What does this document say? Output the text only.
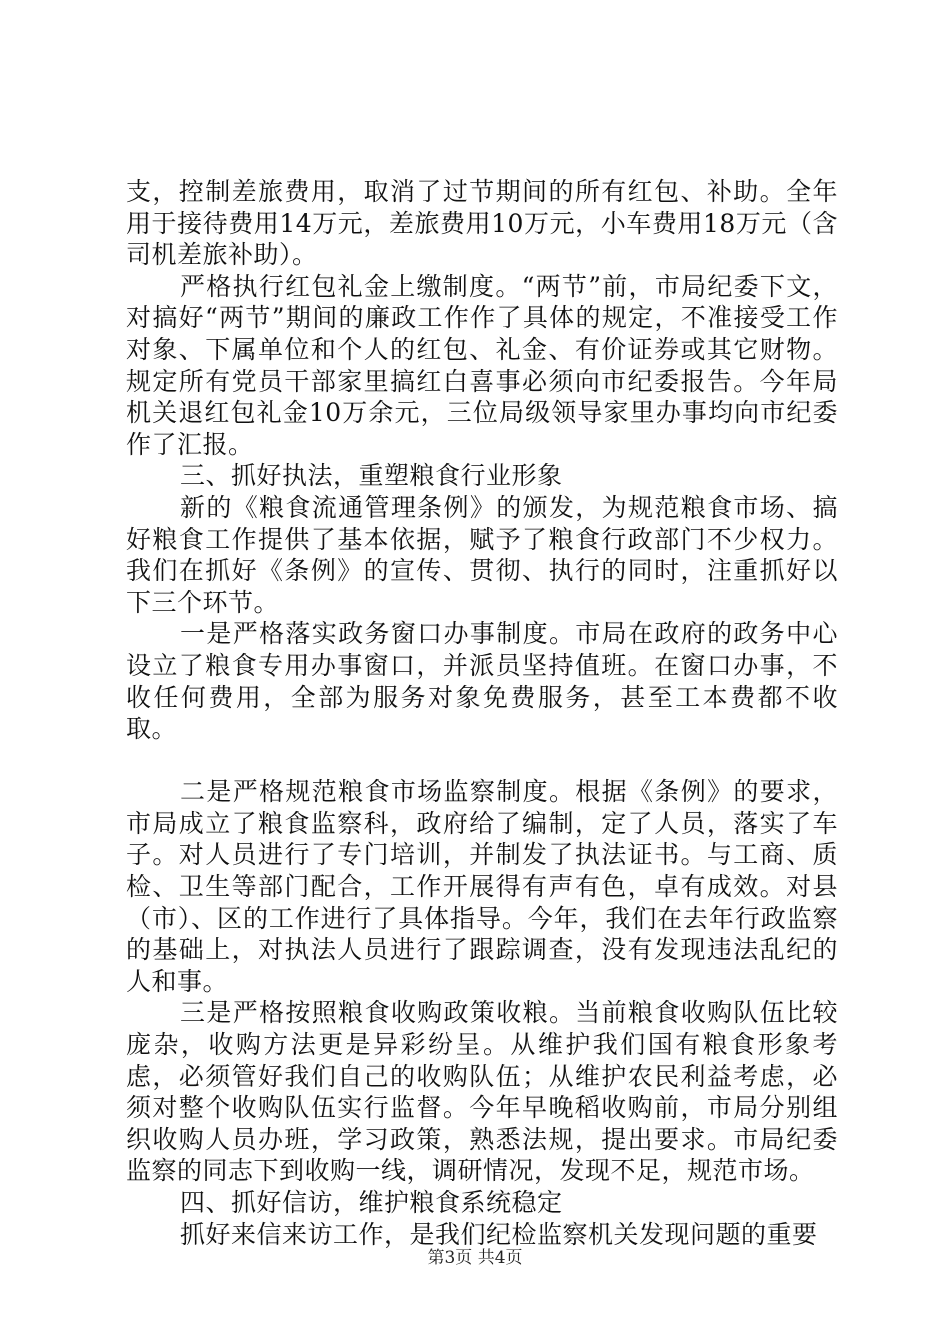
支，控制差旅费用，取消了过节期间的所有红包、补助。全年用于接待费用14万元，差旅费用10万元，小车费用18万元（含司机差旅补助）。

严格执行红包礼金上缴制度。“两节”前，市局纪委下文，对搞好“两节”期间的廉政工作作了具体的规定，不准接受工作对象、下属单位和个人的红包、礼金、有价证券或其它财物。规定所有党员干部家里搞红白喜事必须向市纪委报告。今年局机关退红包礼金10万余元，三位局级领导家里办事均向市纪委作了汇报。

三、抓好执法，重塑粮食行业形象

新的《粮食流通管理条例》的颁发，为规范粮食市场、搞好粮食工作提供了基本依据，赋予了粮食行政部门不少权力。我们在抓好《条例》的宣传、贯彻、执行的同时，注重抓好以下三个环节。

一是严格落实政务窗口办事制度。市局在政府的政务中心设立了粮食专用办事窗口，并派员坚持值班。在窗口办事，不收任何费用，全部为服务对象免费服务，甚至工本费都不收取。

二是严格规范粮食市场监察制度。根据《条例》的要求，市局成立了粮食监察科，政府给了编制，定了人员，落实了车子。对人员进行了专门培训，并制发了执法证书。与工商、质检、卫生等部门配合，工作开展得有声有色，卓有成效。对县（市）、区的工作进行了具体指导。今年，我们在去年行政监察的基础上，对执法人员进行了跟踪调查，没有发现违法乱纪的人和事。

三是严格按照粮食收购政策收粮。当前粮食收购队伍比较庞杂，收购方法更是异彩纷呈。从维护我们国有粮食形象考虑，必须管好我们自己的收购队伍；从维护农民利益考虑，必须对整个收购队伍实行监督。今年早晚稻收购前，市局分别组织收购人员办班，学习政策，熟悉法规，提出要求。市局纪委监察的同志下到收购一线，调研情况，发现不足，规范市场。

四、抓好信访，维护粮食系统稳定

抓好来信来访工作，是我们纪检监察机关发现问题的重要

第3页 共4页
